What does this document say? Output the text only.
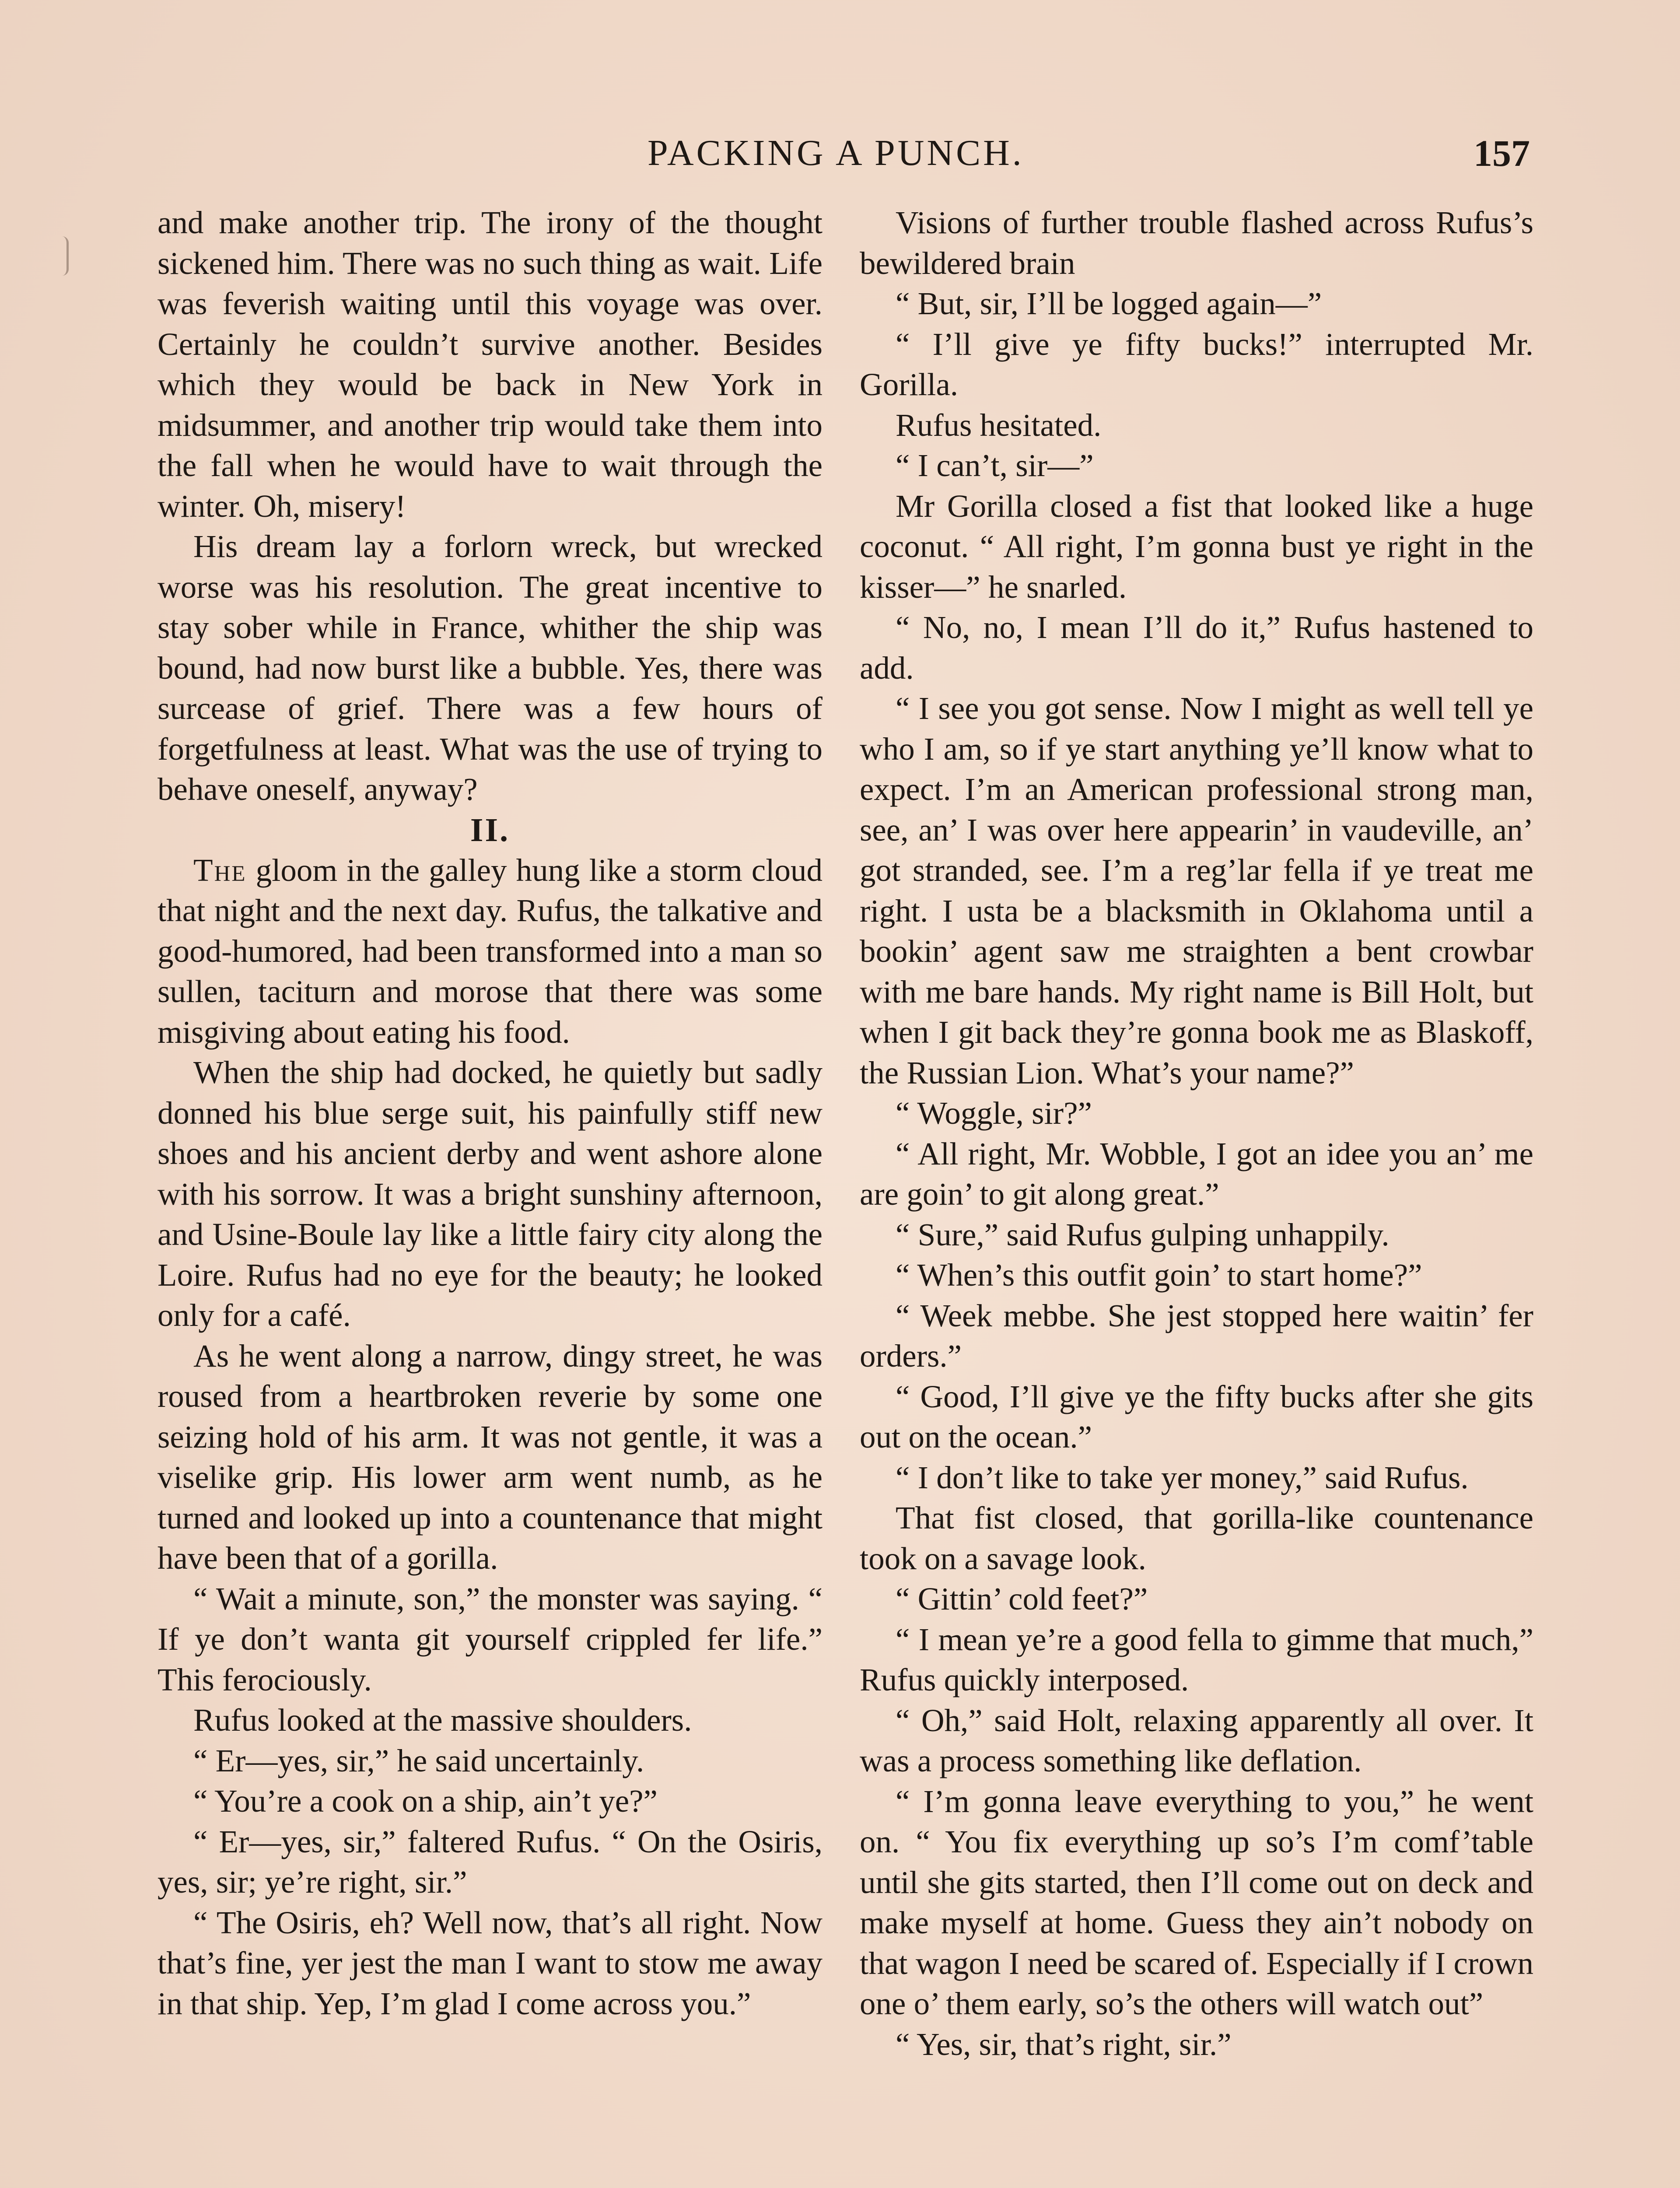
PACKING A PUNCH.	157

and make another trip. The irony of the thought sickened him. There was no such thing as wait. Life was feverish waiting until this voyage was over. Certainly he couldn’t survive another. Besides which they would be back in New York in midsummer, and another trip would take them into the fall when he would have to wait through the winter. Oh, misery!

His dream lay a forlorn wreck, but wrecked worse was his resolution. The great incentive to stay sober while in France, whither the ship was bound, had now burst like a bubble. Yes, there was surcease of grief. There was a few hours of forgetfulness at least. What was the use of trying to behave oneself, anyway?

II.

The gloom in the galley hung like a storm cloud that night and the next day. Rufus, the talkative and good-humored, had been transformed into a man so sullen, taciturn and morose that there was some misgiving about eating his food.

When the ship had docked, he quietly but sadly donned his blue serge suit, his painfully stiff new shoes and his ancient derby and went ashore alone with his sorrow. It was a bright sunshiny afternoon, and Usine-Boule lay like a little fairy city along the Loire. Rufus had no eye for the beauty; he looked only for a café.

As he went along a narrow, dingy street, he was roused from a heartbroken reverie by some one seizing hold of his arm. It was not gentle, it was a viselike grip. His lower arm went numb, as he turned and looked up into a countenance that might have been that of a gorilla.

“ Wait a minute, son,” the monster was saying. “ If ye don’t wanta git yourself crippled fer life.” This ferociously.

Rufus looked at the massive shoulders.

“ Er—yes, sir,” he said uncertainly.

“ You’re a cook on a ship, ain’t ye?”

“ Er—yes, sir,” faltered Rufus. “ On the Osiris, yes, sir; ye’re right, sir.”

“ The Osiris, eh? Well now, that’s all right. Now that’s fine, yer jest the man I want to stow me away in that ship. Yep, I’m glad I come across you.”

Visions of further trouble flashed across Rufus’s bewildered brain

“ But, sir, I’ll be logged again—”

“ I’ll give ye fifty bucks!” interrupted Mr. Gorilla.

Rufus hesitated.

“ I can’t, sir—”

Mr Gorilla closed a fist that looked like a huge coconut. “ All right, I’m gonna bust ye right in the kisser—” he snarled.

“ No, no, I mean I’ll do it,” Rufus hastened to add.

“ I see you got sense. Now I might as well tell ye who I am, so if ye start anything ye’ll know what to expect. I’m an American professional strong man, see, an’ I was over here appearin’ in vaudeville, an’ got stranded, see. I’m a reg’lar fella if ye treat me right. I usta be a blacksmith in Oklahoma until a bookin’ agent saw me straighten a bent crowbar with me bare hands. My right name is Bill Holt, but when I git back they’re gonna book me as Blaskoff, the Russian Lion. What’s your name?”

“ Woggle, sir?”

“ All right, Mr. Wobble, I got an idee you an’ me are goin’ to git along great.”

“ Sure,” said Rufus gulping unhappily.

“ When’s this outfit goin’ to start home?”

“ Week mebbe. She jest stopped here waitin’ fer orders.”

“ Good, I’ll give ye the fifty bucks after she gits out on the ocean.”

“ I don’t like to take yer money,” said Rufus.

That fist closed, that gorilla-like countenance took on a savage look.

“ Gittin’ cold feet?”

“ I mean ye’re a good fella to gimme that much,” Rufus quickly interposed.

“ Oh,” said Holt, relaxing apparently all over. It was a process something like deflation.

“ I’m gonna leave everything to you,” he went on. “ You fix everything up so’s I’m comf’table until she gits started, then I’ll come out on deck and make myself at home. Guess they ain’t nobody on that wagon I need be scared of. Especially if I crown one o’ them early, so’s the others will watch out”

“ Yes, sir, that’s right, sir.”
